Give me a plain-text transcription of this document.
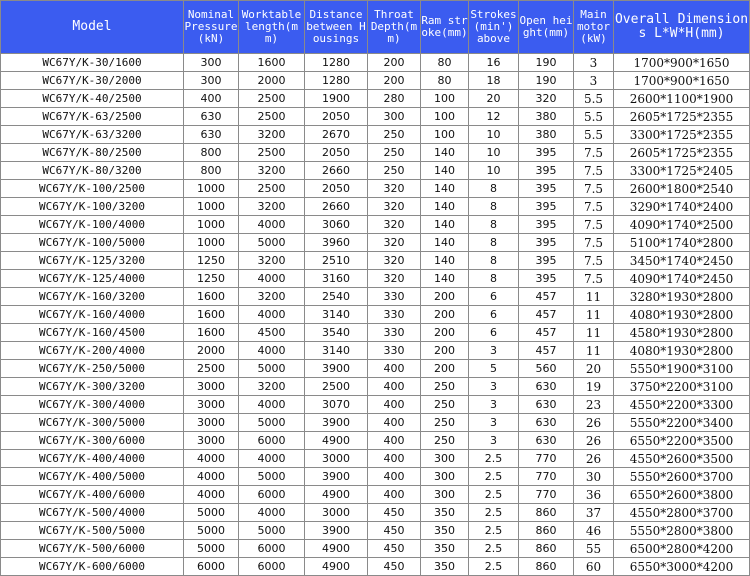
Model	Nominal Pressure(kN)	Worktable length(mm)	Distance between Housings	Throat Depth(mm)	Ram stroke(mm)	Strokes(min') above	Open height(mm)	Main motor(kW)	Overall Dimensions L*W*H(mm)
WC67Y/K-30/1600	300	1600	1280	200	80	16	190	3	1700*900*1650
WC67Y/K-30/2000	300	2000	1280	200	80	18	190	3	1700*900*1650
WC67Y/K-40/2500	400	2500	1900	280	100	20	320	5.5	2600*1100*1900
WC67Y/K-63/2500	630	2500	2050	300	100	12	380	5.5	2605*1725*2355
WC67Y/K-63/3200	630	3200	2670	250	100	10	380	5.5	3300*1725*2355
WC67Y/K-80/2500	800	2500	2050	250	140	10	395	7.5	2605*1725*2355
WC67Y/K-80/3200	800	3200	2660	250	140	10	395	7.5	3300*1725*2405
WC67Y/K-100/2500	1000	2500	2050	320	140	8	395	7.5	2600*1800*2540
WC67Y/K-100/3200	1000	3200	2660	320	140	8	395	7.5	3290*1740*2400
WC67Y/K-100/4000	1000	4000	3060	320	140	8	395	7.5	4090*1740*2500
WC67Y/K-100/5000	1000	5000	3960	320	140	8	395	7.5	5100*1740*2800
WC67Y/K-125/3200	1250	3200	2510	320	140	8	395	7.5	3450*1740*2450
WC67Y/K-125/4000	1250	4000	3160	320	140	8	395	7.5	4090*1740*2450
WC67Y/K-160/3200	1600	3200	2540	330	200	6	457	11	3280*1930*2800
WC67Y/K-160/4000	1600	4000	3140	330	200	6	457	11	4080*1930*2800
WC67Y/K-160/4500	1600	4500	3540	330	200	6	457	11	4580*1930*2800
WC67Y/K-200/4000	2000	4000	3140	330	200	3	457	11	4080*1930*2800
WC67Y/K-250/5000	2500	5000	3900	400	200	5	560	20	5550*1900*3100
WC67Y/K-300/3200	3000	3200	2500	400	250	3	630	19	3750*2200*3100
WC67Y/K-300/4000	3000	4000	3070	400	250	3	630	23	4550*2200*3300
WC67Y/K-300/5000	3000	5000	3900	400	250	3	630	26	5550*2200*3400
WC67Y/K-300/6000	3000	6000	4900	400	250	3	630	26	6550*2200*3500
WC67Y/K-400/4000	4000	4000	3000	400	300	2.5	770	26	4550*2600*3500
WC67Y/K-400/5000	4000	5000	3900	400	300	2.5	770	30	5550*2600*3700
WC67Y/K-400/6000	4000	6000	4900	400	300	2.5	770	36	6550*2600*3800
WC67Y/K-500/4000	5000	4000	3000	450	350	2.5	860	37	4550*2800*3700
WC67Y/K-500/5000	5000	5000	3900	450	350	2.5	860	46	5550*2800*3800
WC67Y/K-500/6000	5000	6000	4900	450	350	2.5	860	55	6500*2800*4200
WC67Y/K-600/6000	6000	6000	4900	450	350	2.5	860	60	6550*3000*4200
